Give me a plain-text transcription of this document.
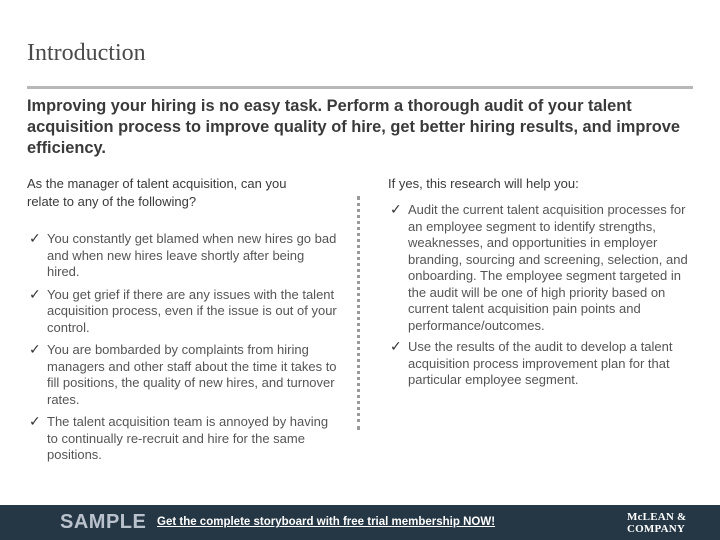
Introduction
Improving your hiring is no easy task. Perform a thorough audit of your talent acquisition process to improve quality of hire, get better hiring results, and improve efficiency.

As the manager of talent acquisition, can you relate to any of the following?

✓ You constantly get blamed when new hires go bad and when new hires leave shortly after being hired.
✓ You get grief if there are any issues with the talent acquisition process, even if the issue is out of your control.
✓ You are bombarded by complaints from hiring managers and other staff about the time it takes to fill positions, the quality of new hires, and turnover rates.
✓ The talent acquisition team is annoyed by having to continually re-recruit and hire for the same positions.

If yes, this research will help you:

✓ Audit the current talent acquisition processes for an employee segment to identify strengths, weaknesses, and opportunities in employer branding, sourcing and screening, selection, and onboarding. The employee segment targeted in the audit will be one of high priority based on current talent acquisition pain points and performance/outcomes.
✓ Use the results of the audit to develop a talent acquisition process improvement plan for that particular employee segment.
SAMPLE Get the complete storyboard with free trial membership NOW!	McLEAN &
COMPANY
